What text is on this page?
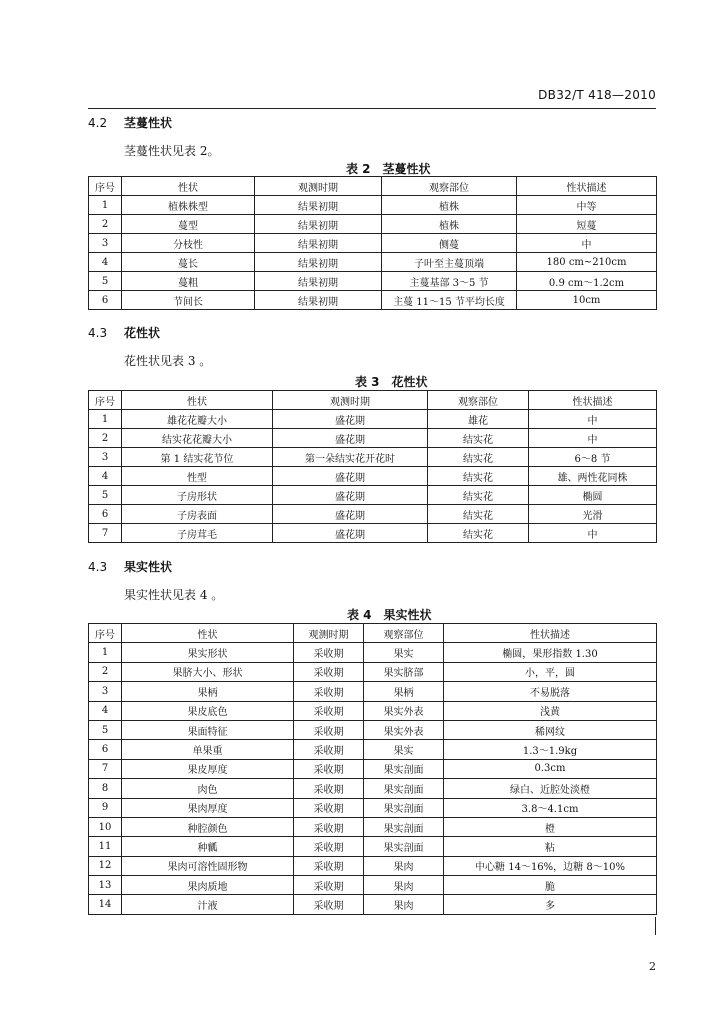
DB32/T 418—2010
4.2 茎蔓性状
茎蔓性状见表 2。
表 2 茎蔓性状
序号	性状	观测时期	观察部位	性状描述
1	植株株型	结果初期	植株	中等
2	蔓型	结果初期	植株	短蔓
3	分枝性	结果初期	侧蔓	中
4	蔓长	结果初期	子叶至主蔓顶端	180 cm~210cm
5	蔓粗	结果初期	主蔓基部 3～5 节	0.9 cm～1.2cm
6	节间长	结果初期	主蔓 11～15 节平均长度	10cm
4.3 花性状
花性状见表 3 。
表 3 花性状
序号	性状	观测时期	观察部位	性状描述
1	雄花花瓣大小	盛花期	雄花	中
2	结实花花瓣大小	盛花期	结实花	中
3	第 1 结实花节位	第一朵结实花开花时	结实花	6～8 节
4	性型	盛花期	结实花	雄、两性花同株
5	子房形状	盛花期	结实花	椭圆
6	子房表面	盛花期	结实花	光滑
7	子房茸毛	盛花期	结实花	中
4.3 果实性状
果实性状见表 4 。
表 4 果实性状
序号	性状	观测时期	观察部位	性状描述
1	果实形状	采收期	果实	椭圆，果形指数 1.30
2	果脐大小、形状	采收期	果实脐部	小，平，圆
3	果柄	采收期	果柄	不易脱落
4	果皮底色	采收期	果实外表	浅黄
5	果面特征	采收期	果实外表	稀网纹
6	单果重	采收期	果实	1.3～1.9kg
7	果皮厚度	采收期	果实剖面	0.3cm
8	肉色	采收期	果实剖面	绿白、近腔处淡橙
9	果肉厚度	采收期	果实剖面	3.8～4.1cm
10	种腔颜色	采收期	果实剖面	橙
11	种瓤	采收期	果实剖面	粘
12	果肉可溶性固形物	采收期	果肉	中心糖 14～16%，边糖 8～10%
13	果肉质地	采收期	果肉	脆
14	汁液	采收期	果肉	多
2
